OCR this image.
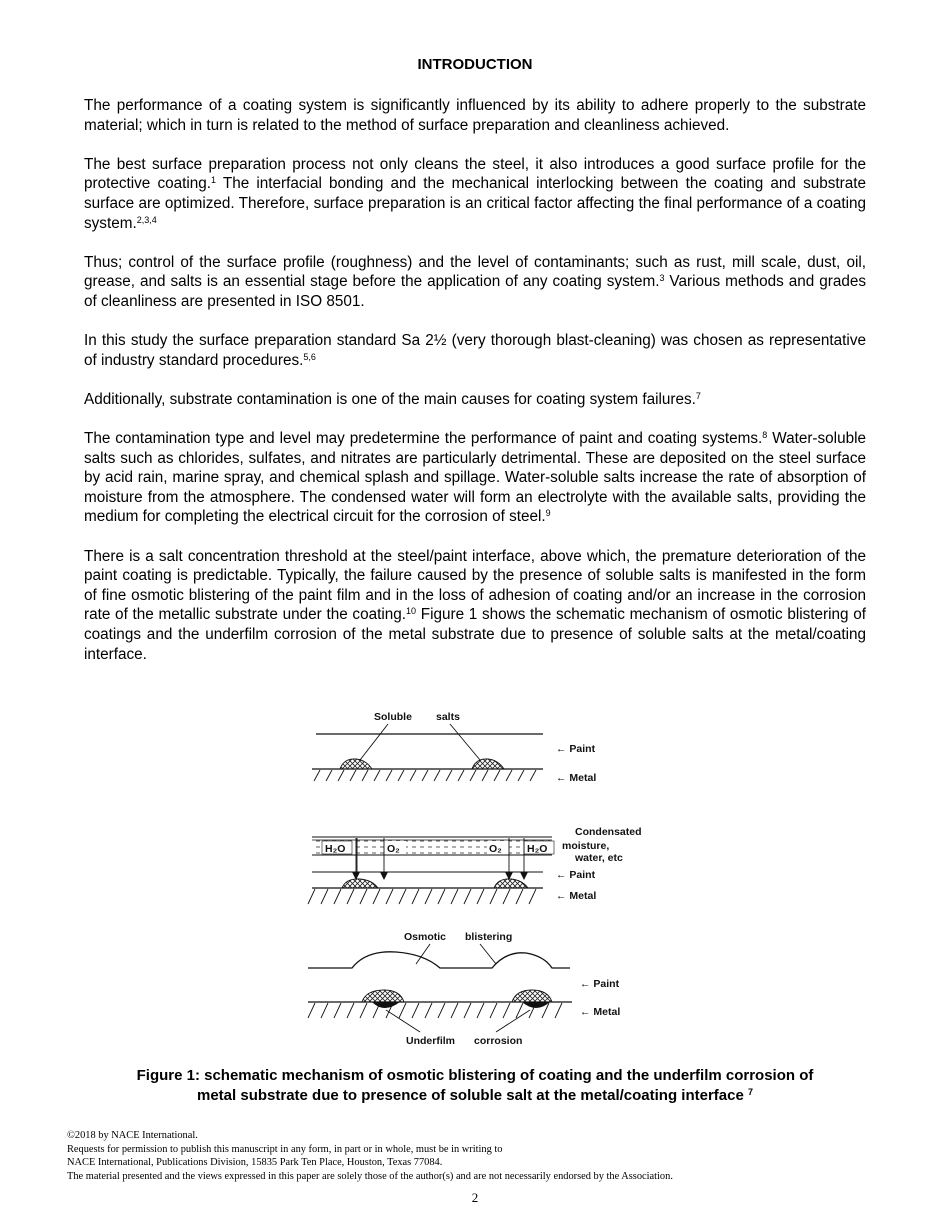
INTRODUCTION

The performance of a coating system is significantly influenced by its ability to adhere properly to the substrate material; which in turn is related to the method of surface preparation and cleanliness achieved.

The best surface preparation process not only cleans the steel, it also introduces a good surface profile for the protective coating.$^1$ The interfacial bonding and the mechanical interlocking between the coating and substrate surface are optimized. Therefore, surface preparation is an critical factor affecting the final performance of a coating system.$^{2,3,4}$

Thus; control of the surface profile (roughness) and the level of contaminants; such as rust, mill scale, dust, oil, grease, and salts is an essential stage before the application of any coating system.$^3$ Various methods and grades of cleanliness are presented in ISO 8501.

In this study the surface preparation standard Sa 2½ (very thorough blast-cleaning) was chosen as representative of industry standard procedures.$^{5,6}$

Additionally, substrate contamination is one of the main causes for coating system failures.$^7$

The contamination type and level may predetermine the performance of paint and coating systems.$^8$ Water-soluble salts such as chlorides, sulfates, and nitrates are particularly detrimental. These are deposited on the steel surface by acid rain, marine spray, and chemical splash and spillage. Water-soluble salts increase the rate of absorption of moisture from the atmosphere. The condensed water will form an electrolyte with the available salts, providing the medium for completing the electrical circuit for the corrosion of steel.$^9$

There is a salt concentration threshold at the steel/paint interface, above which, the premature deterioration of the paint coating is predictable. Typically, the failure caused by the presence of soluble salts is manifested in the form of fine osmotic blistering of the paint film and in the loss of adhesion of coating and/or an increase in the corrosion rate of the metallic substrate under the coating.$^{10}$ Figure 1 shows the schematic mechanism of osmotic blistering of coatings and the underfilm corrosion of the metal substrate due to presence of soluble salts at the metal/coating interface.

Soluble salts
← Paint
← Metal
H₂O	O₂	O₂ H₂O
Condensated
moisture,
water, etc
← Paint
← Metal
Osmotic blistering
Underfilm corrosion
← Paint
← Metal
Figure 1: schematic mechanism of osmotic blistering of coating and the underfilm corrosion of
metal substrate due to presence of soluble salt at the metal/coating interface $^7$
©2018 by NACE International.
Requests for permission to publish this manuscript in any form, in part or in whole, must be in writing to
NACE International, Publications Division, 15835 Park Ten Place, Houston, Texas 77084.
The material presented and the views expressed in this paper are solely those of the author(s) and are not necessarily endorsed by the Association.
2
